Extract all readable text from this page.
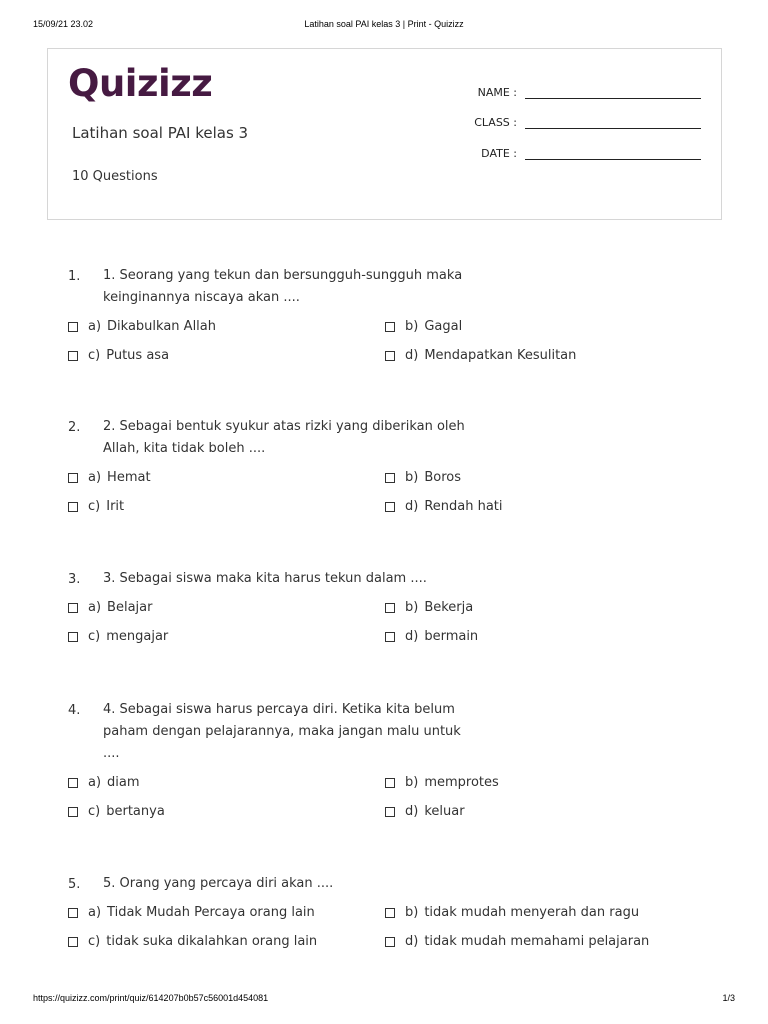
15/09/21 23.02	Latihan soal PAI kelas 3 | Print - Quizizz
Quizizz
Latihan soal PAI kelas 3
10 Questions
NAME :
CLASS :
DATE :
1. 1. Seorang yang tekun dan bersungguh-sungguh maka keinginannya niscaya akan ....
a) Dikabulkan Allah	b) Gagal
c) Putus asa	d) Mendapatkan Kesulitan
2. 2. Sebagai bentuk syukur atas rizki yang diberikan oleh Allah, kita tidak boleh ....
a) Hemat	b) Boros
c) Irit	d) Rendah hati
3. 3. Sebagai siswa maka kita harus tekun dalam ....
a) Belajar	b) Bekerja
c) mengajar	d) bermain
4. 4. Sebagai siswa harus percaya diri. Ketika kita belum paham dengan pelajarannya, maka jangan malu untuk ....
a) diam	b) memprotes
c) bertanya	d) keluar
5. 5. Orang yang percaya diri akan ....
a) Tidak Mudah Percaya orang lain	b) tidak mudah menyerah dan ragu
c) tidak suka dikalahkan orang lain	d) tidak mudah memahami pelajaran
https://quizizz.com/print/quiz/614207b0b57c56001d454081	1/3
